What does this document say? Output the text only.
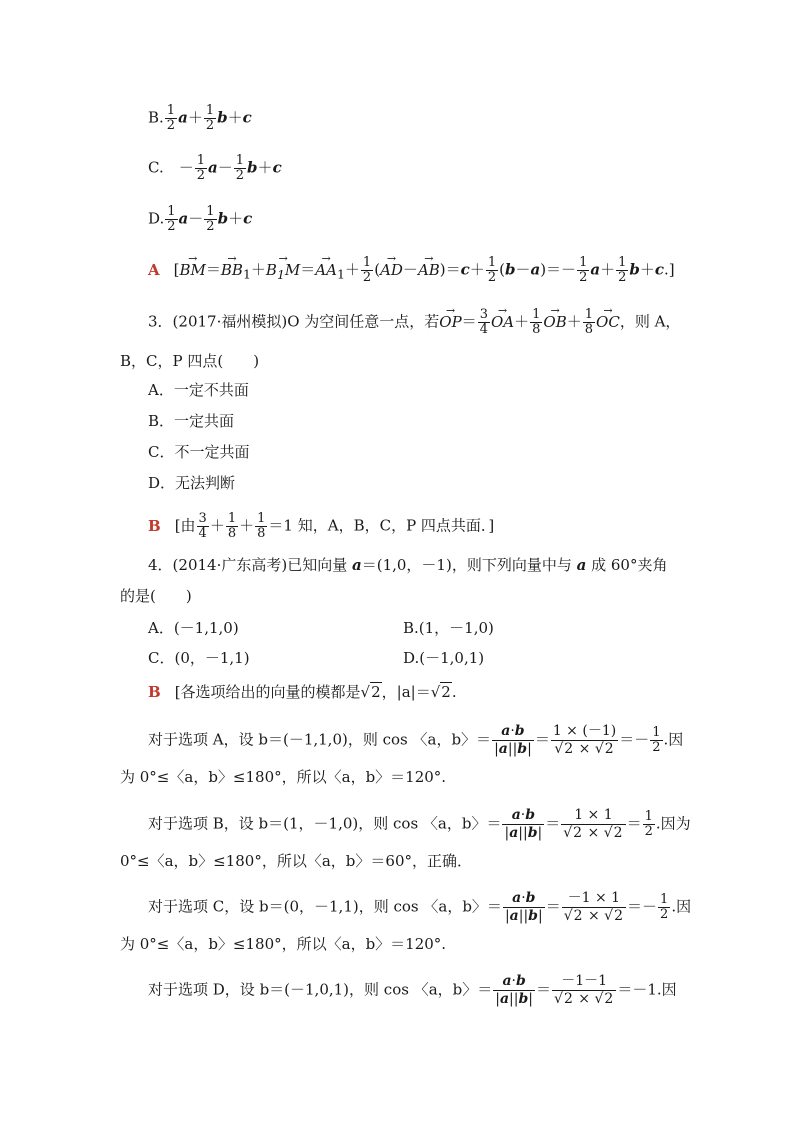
B. $\frac{1}{2} a+ \frac{1}{2} b+c$
C.　－ $\frac{1}{2} a- \frac{1}{2} b+c$
D. $\frac{1}{2} a- \frac{1}{2} b+c$
A [→ $BM=\to BB_1+\to B_1M=\to AA_1+ \frac{1}{2}$ (→ $AD-\to AB)=c+ \frac{1}{2} (b-a)=- \frac{1}{2} a+ \frac{1}{2} b+c$.]
3．(2017·福州模拟)O 为空间任意一点，若→ $OP= \frac{3}{4}$
→ $OA+ \frac{1}{8}$
→ $OB+ \frac{1}{8}$
→ OC，则 A，
B，C，P 四点(　　)
A．一定不共面
B．一定共面
C．不一定共面
D．无法判断
B [由 $\frac{3}{4} + \frac{1}{8} + \frac{1}{8} =1$ 知，A，B，C，P 四点共面．]
4．(2014·广东高考)已知向量 a＝(1,0，－1)，则下列向量中与 a 成 60°夹角
的是(　　)
A．(－1,1,0)	B.(1，－1,0)
C．(0，－1,1)	D.(－1,0,1)
B [各选项给出的向量的模都是√2，|a|＝√2.
对于选项 A，设 b＝(－1,1,0)，则 cos 〈a，b〉＝ $\frac{a\cdot b}{|a||b|} = \frac{1 \times (-1)}{√2 \times √2} =- \frac{1}{2}$ .因
为 0°≤〈a，b〉≤180°，所以〈a，b〉＝120°.
对于选项 B，设 b＝(1，－1,0)，则 cos 〈a，b〉＝ $\frac{a\cdot b}{|a||b|} = \frac{1 \times 1}{√2 \times √2} = \frac{1}{2}$ .因为
0°≤〈a，b〉≤180°，所以〈a，b〉＝60°，正确．
对于选项 C，设 b＝(0，－1,1)，则 cos 〈a，b〉＝ $\frac{a\cdot b}{|a||b|} = \frac{-1 \times 1}{√2 \times √2} =- \frac{1}{2}$ .因
为 0°≤〈a，b〉≤180°，所以〈a，b〉＝120°.
对于选项 D，设 b＝(－1,0,1)，则 cos 〈a，b〉＝ $\frac{a\cdot b}{|a||b|} = \frac{-1-1}{√2 \times √2} =-1$.因
